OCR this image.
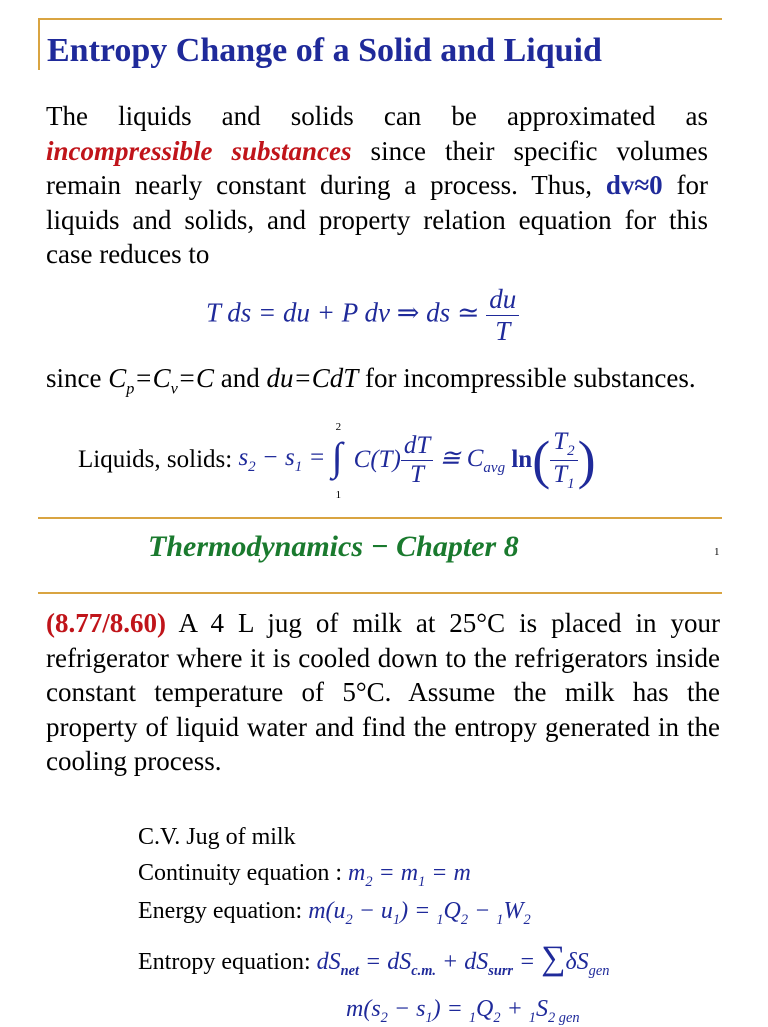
Entropy Change of a Solid and Liquid
The liquids and solids can be approximated as incompressible substances since their specific volumes remain nearly constant during a process. Thus, dv≈0 for liquids and solids, and property relation equation for this case reduces to
T ds = du + P dv ⇒ ds ≃ $\frac{du}{T}$
since $C_p=C_v=C$ and du=CdT for incompressible substances.
Liquids, solids: $s_2 - s_1$ =
2
∫
1
$C(T) \frac{dT}{T}$ ≅ $C_{avg}$ $\ln( \frac{T_2}{T_1}$ )
Thermodynamics − Chapter 8	1
(8.77/8.60) A 4 L jug of milk at 25°C is placed in your refrigerator where it is cooled down to the refrigerators inside constant temperature of 5°C. Assume the milk has the property of liquid water and find the entropy generated in the cooling process.
C.V. Jug of milk
Continuity equation : $m_2 = m_1 = m$
Energy equation: $m(u_2 - u_1) = _1Q_2 - _1W_2$
Entropy equation: $dS_{net} = dS_{c.m.} + dS_{surr} = \sum\delta S_{gen}$
$m(s_2 - s_1) = _1Q_2 + _1S_{2 gen}$
